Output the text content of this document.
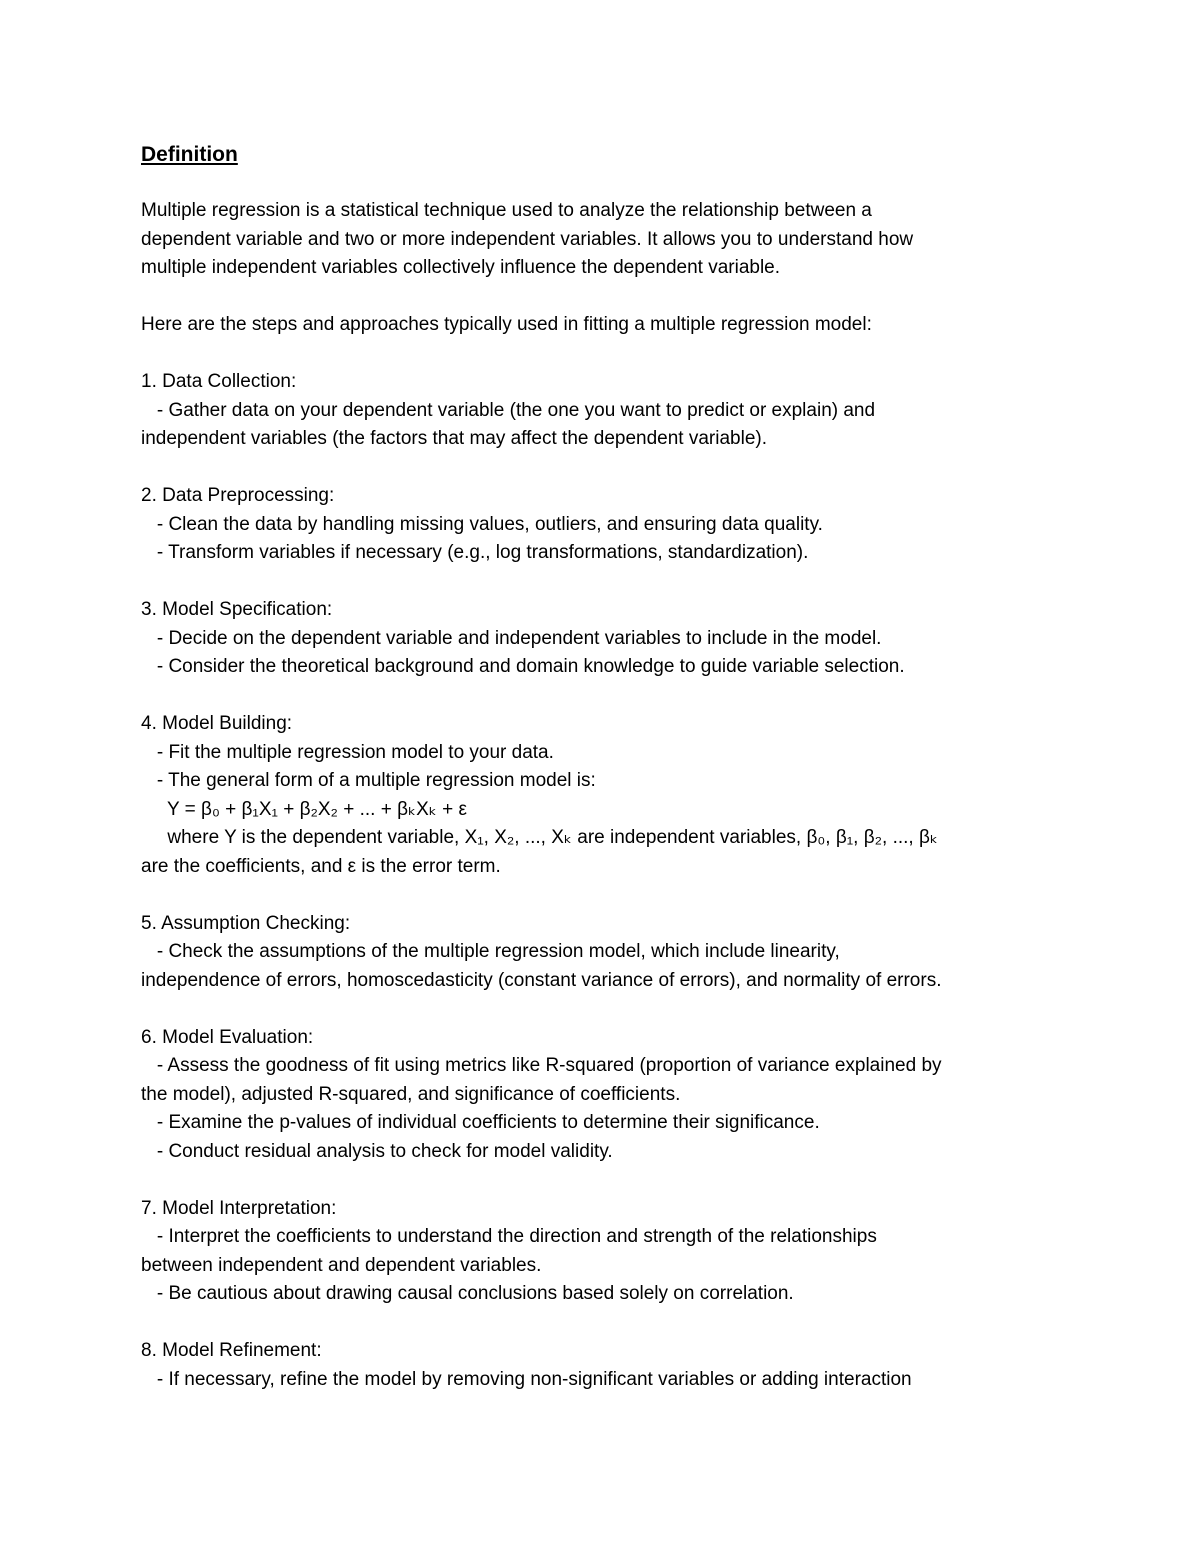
Definition
Multiple regression is a statistical technique used to analyze the relationship between a
dependent variable and two or more independent variables. It allows you to understand how
multiple independent variables collectively influence the dependent variable.
Here are the steps and approaches typically used in fitting a multiple regression model:
1. Data Collection:
- Gather data on your dependent variable (the one you want to predict or explain) and
independent variables (the factors that may affect the dependent variable).
2. Data Preprocessing:
- Clean the data by handling missing values, outliers, and ensuring data quality.
- Transform variables if necessary (e.g., log transformations, standardization).
3. Model Specification:
- Decide on the dependent variable and independent variables to include in the model.
- Consider the theoretical background and domain knowledge to guide variable selection.
4. Model Building:
- Fit the multiple regression model to your data.
- The general form of a multiple regression model is:
Y = β₀ + β₁X₁ + β₂X₂ + ... + βₖXₖ + ε
where Y is the dependent variable, X₁, X₂, ..., Xₖ are independent variables, β₀, β₁, β₂, ..., βₖ
are the coefficients, and ε is the error term.
5. Assumption Checking:
- Check the assumptions of the multiple regression model, which include linearity,
independence of errors, homoscedasticity (constant variance of errors), and normality of errors.
6. Model Evaluation:
- Assess the goodness of fit using metrics like R-squared (proportion of variance explained by
the model), adjusted R-squared, and significance of coefficients.
- Examine the p-values of individual coefficients to determine their significance.
- Conduct residual analysis to check for model validity.
7. Model Interpretation:
- Interpret the coefficients to understand the direction and strength of the relationships
between independent and dependent variables.
- Be cautious about drawing causal conclusions based solely on correlation.
8. Model Refinement:
- If necessary, refine the model by removing non-significant variables or adding interaction
